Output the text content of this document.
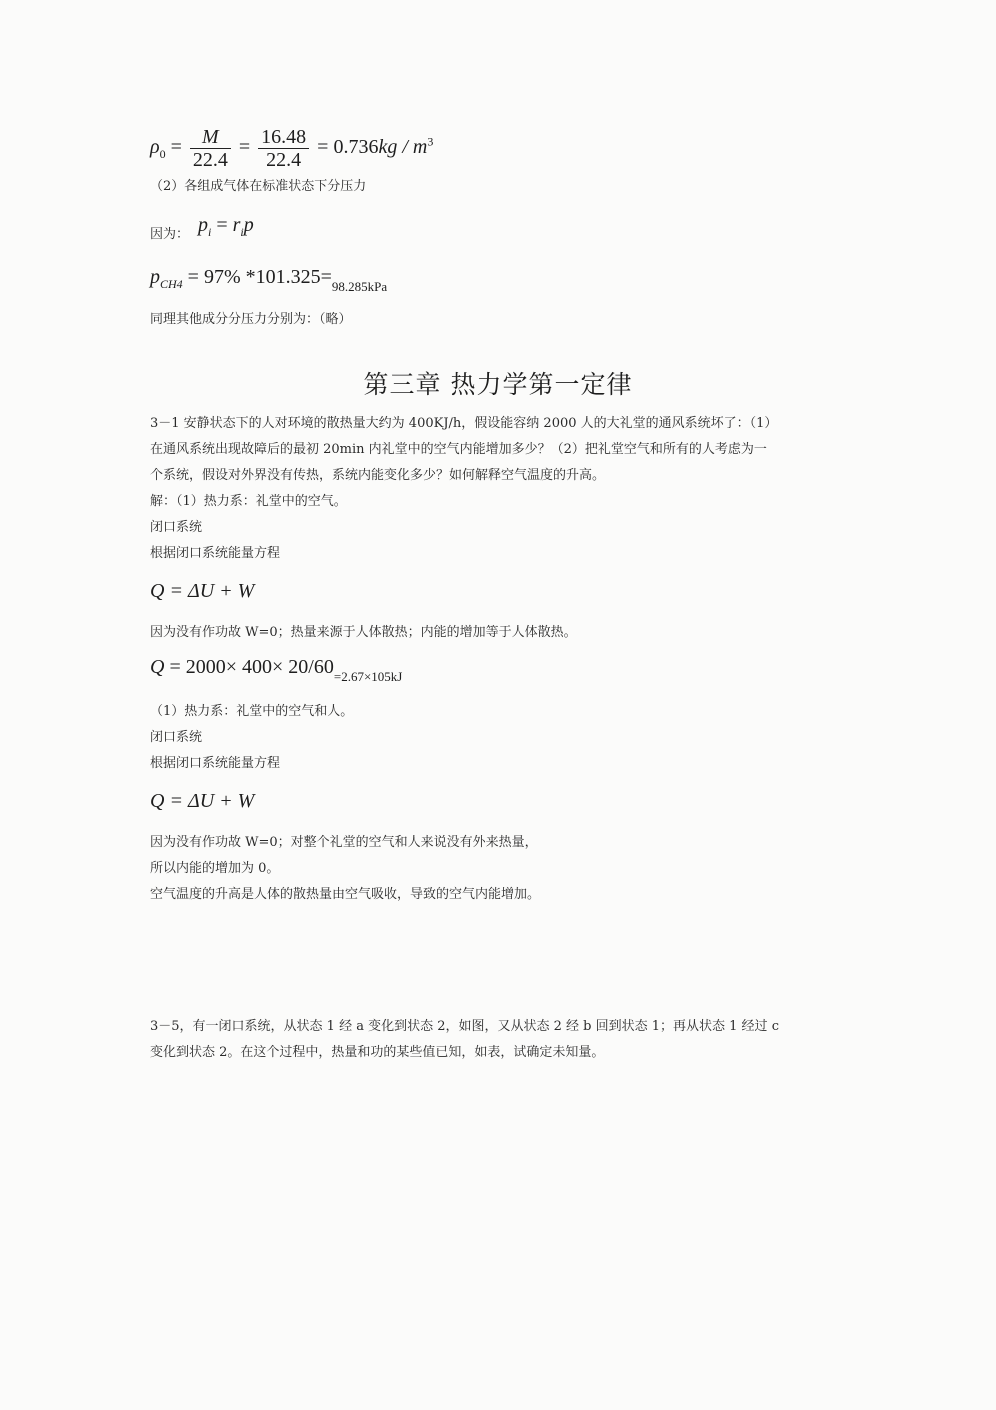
$\rho_0 = \frac{M}{22.4} = \frac{16.48}{22.4} = 0.736kg / m^3$
（2）各组成气体在标准状态下分压力
因为： $p_i = r_ip$
$p_{CH4} = 97\%$ $*101.325=_{98.285kPa}$
同理其他成分分压力分别为：（略）
第三章 热力学第一定律
3－1 安静状态下的人对环境的散热量大约为 400KJ/h，假设能容纳 2000 人的大礼堂的通风系统坏了：（1）
在通风系统出现故障后的最初 20min 内礼堂中的空气内能增加多少？（2）把礼堂空气和所有的人考虑为一
个系统，假设对外界没有传热，系统内能变化多少？如何解释空气温度的升高。
解：（1）热力系：礼堂中的空气。
闭口系统
根据闭口系统能量方程
Q = ΔU + W
因为没有作功故 W=0；热量来源于人体散热；内能的增加等于人体散热。
$Q = 2000\times 400\times 20/60_{=2.67\times 105kJ}$
（1）热力系：礼堂中的空气和人。
闭口系统
根据闭口系统能量方程
Q = ΔU + W
因为没有作功故 W=0；对整个礼堂的空气和人来说没有外来热量，
所以内能的增加为 0。
空气温度的升高是人体的散热量由空气吸收，导致的空气内能增加。
3－5，有一闭口系统，从状态 1 经 a 变化到状态 2，如图，又从状态 2 经 b 回到状态 1；再从状态 1 经过 c
变化到状态 2。在这个过程中，热量和功的某些值已知，如表，试确定未知量。
